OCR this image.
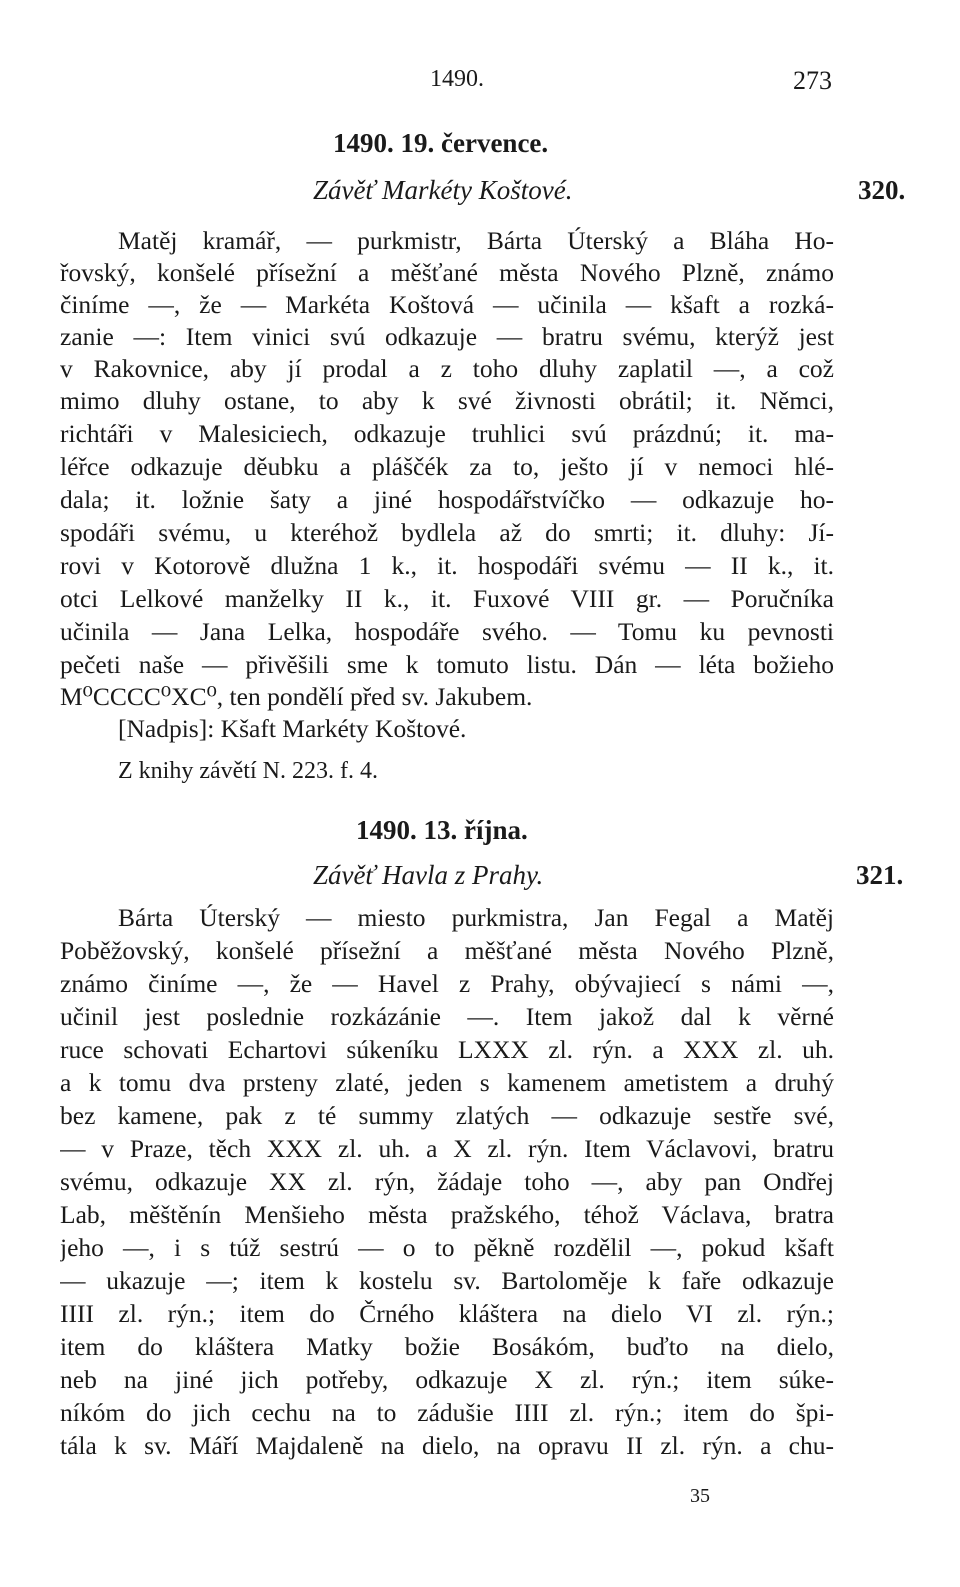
1490.	273
1490. 19. července.
Závěť Markéty Koštové.	320.
Matěj kramář, — purkmistr, Bárta Úterský a Bláha Ho-
řovský, konšelé přísežní a měšťané města Nového Plzně, známo
činíme —, že — Markéta Koštová — učinila — kšaft a rozká-
zanie —: Item vinici svú odkazuje — bratru svému, kterýž jest
v Rakovnice, aby jí prodal a z toho dluhy zaplatil —, a což
mimo dluhy ostane, to aby k své živnosti obrátil; it. Němci,
richtáři v Malesiciech, odkazuje truhlici svú prázdnú; it. ma-
léřce odkazuje děubku a pláščék za to, ješto jí v nemoci hlé-
dala; it. ložnie šaty a jiné hospodářstvíčko — odkazuje ho-
spodáři svému, u kteréhož bydlela až do smrti; it. dluhy: Jí-
rovi v Kotorově dlužna 1 k., it. hospodáři svému — II k., it.
otci Lelkové manželky II k., it. Fuxové VIII gr. — Poručníka
učinila — Jana Lelka, hospodáře svého. — Tomu ku pevnosti
pečeti naše — přivěšili sme k tomuto listu. Dán — léta božieho
M⁰CCCC⁰XC⁰, ten pondělí před sv. Jakubem.
[Nadpis]: Kšaft Markéty Koštové.
Z knihy závětí N. 223. f. 4.
1490. 13. října.
Závěť Havla z Prahy.	321.
Bárta Úterský — miesto purkmistra, Jan Fegal a Matěj
Poběžovský, konšelé přísežní a měšťané města Nového Plzně,
známo činíme —, že — Havel z Prahy, obývajiecí s námi —,
učinil jest poslednie rozkázánie —. Item jakož dal k věrné
ruce schovati Echartovi súkeníku LXXX zl. rýn. a XXX zl. uh.
a k tomu dva prsteny zlaté, jeden s kamenem ametistem a druhý
bez kamene, pak z té summy zlatých — odkazuje sestře své,
— v Praze, těch XXX zl. uh. a X zl. rýn. Item Václavovi, bratru
svému, odkazuje XX zl. rýn, žádaje toho —, aby pan Ondřej
Lab, měštěnín Menšieho města pražského, téhož Václava, bratra
jeho —, i s túž sestrú — o to pěkně rozdělil —, pokud kšaft
— ukazuje —; item k kostelu sv. Bartoloměje k faře odkazuje
IIII zl. rýn.; item do Črného kláštera na dielo VI zl. rýn.;
item do kláštera Matky božie Bosákóm, buďto na dielo,
neb na jiné jich potřeby, odkazuje X zl. rýn.; item súke-
níkóm do jich cechu na to zádušie IIII zl. rýn.; item do špi-
tála k sv. Máří Majdaleně na dielo, na opravu II zl. rýn. a chu-
35
